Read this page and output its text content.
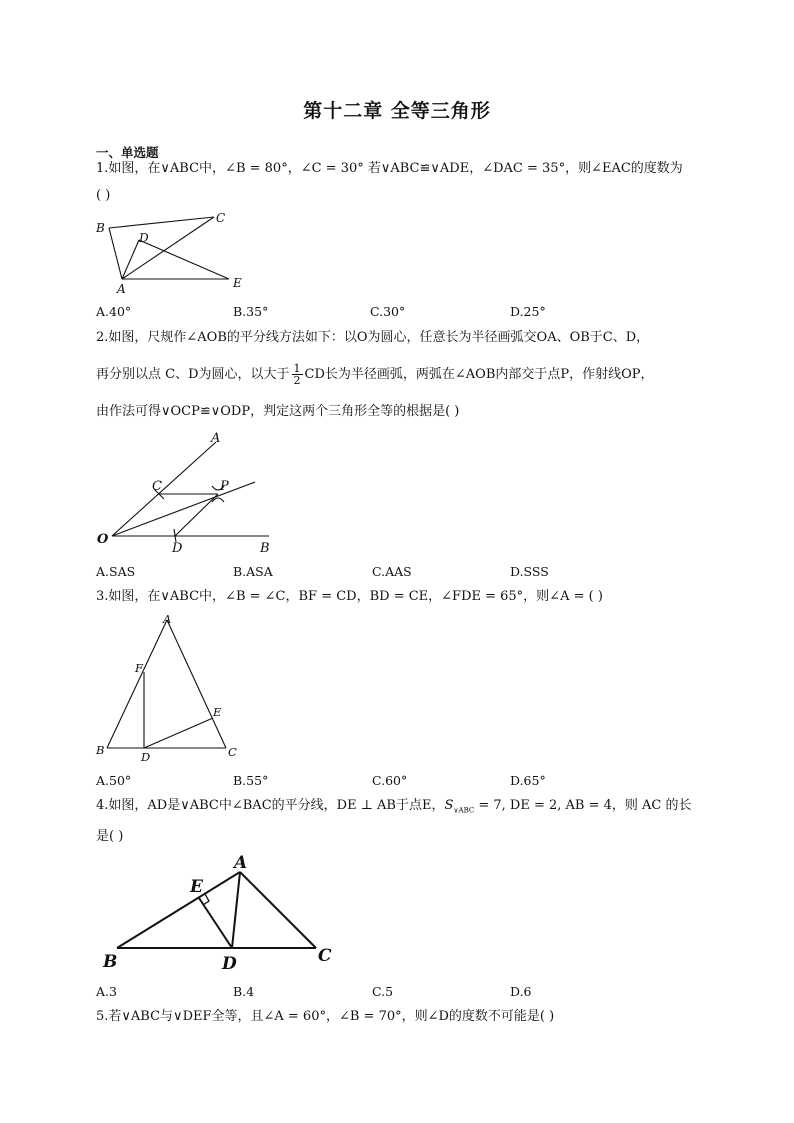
第十二章 全等三角形
一、单选题
1.如图，在∨ABC中，∠B = 80°，∠C = 30° 若∨ABC≌∨ADE，∠DAC = 35°，则∠EAC的度数为
( )
B
C
D
A	E
A.40°	B.35°	C.30°	D.25°
2.如图，尺规作∠AOB的平分线方法如下：以O为圆心，任意长为半径画弧交OA、OB于C、D，
再分别以点 C、D为圆心，以大于 $\frac{1}{2}$ CD长为半径画弧，两弧在∠AOB内部交于点P，作射线OP，
由作法可得∨OCP≌∨ODP，判定这两个三角形全等的根据是( )
A
C	P
O
D	B
A.SAS	B.ASA	C.AAS	D.SSS
3.如图，在∨ABC中，∠B = ∠C，BF = CD，BD = CE，∠FDE = 65°，则∠A = ( )
A
F
E
B	D	C
A.50°	B.55°	C.60°	D.65°
4.如图，AD是∨ABC中∠BAC的平分线，DE ⊥ AB于点E，$S_{\vee ABC} = 7$, DE = 2, AB = 4，则 AC 的长
是( )
A
E
B	D	C
A.3	B.4	C.5	D.6
5.若∨ABC与∨DEF全等，且∠A = 60°，∠B = 70°，则∠D的度数不可能是( )
